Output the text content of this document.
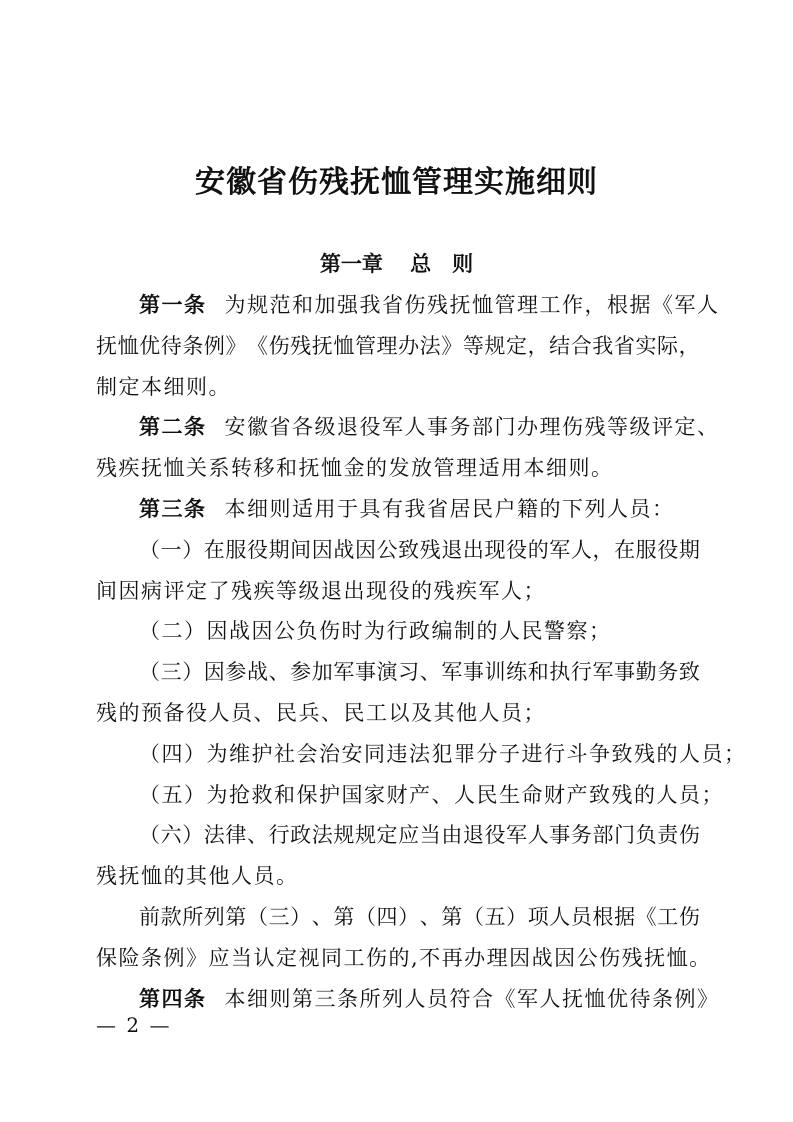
安徽省伤残抚恤管理实施细则
第一章 总　则
第一条 为规范和加强我省伤残抚恤管理工作，根据《军人
抚 恤 优 待 条 例 》 《 伤 残 抚 恤 管 理 办 法 》 等 规 定 ， 结 合 我 省 实 际 ，
制定本细则。
第二条 安徽省各级退役军人事务部门办理伤残等级评定、
残疾抚恤关系转移和抚恤金的发放管理适用本细则。
第三条 本细则适用于具有我省居民户籍的下列人员：
（ 一 ） 在 服 役 期 间 因 战 因 公 致 残 退 出 现 役 的 军 人 ， 在 服 役 期
间因病评定了残疾等级退出现役的残疾军人；
（二）因战因公负伤时为行政编制的人民警察；
（ 三 ） 因 参 战 、 参 加 军 事 演 习 、 军 事 训 练 和 执 行 军 事 勤 务 致
残的预备役人员、民兵、民工以及其他人员；
（四）为维护社会治安同违法犯罪分子进行斗争致残的人员；
（五）为抢救和保护国家财产、人民生命财产致残的人员；
（ 六 ） 法 律 、 行 政 法 规 规 定 应 当 由 退 役 军 人 事 务 部 门 负 责 伤
残抚恤的其他人员。
前 款 所 列 第 （ 三 ） 、 第 （ 四 ） 、 第 （ 五 ） 项 人 员 根 据 《 工 伤
保险条例》应当认定视同工伤的,不再办理因战因公伤残抚恤。
第四条 本细则第三条所列人员符合《军人抚恤优待条例》
— 2 —
